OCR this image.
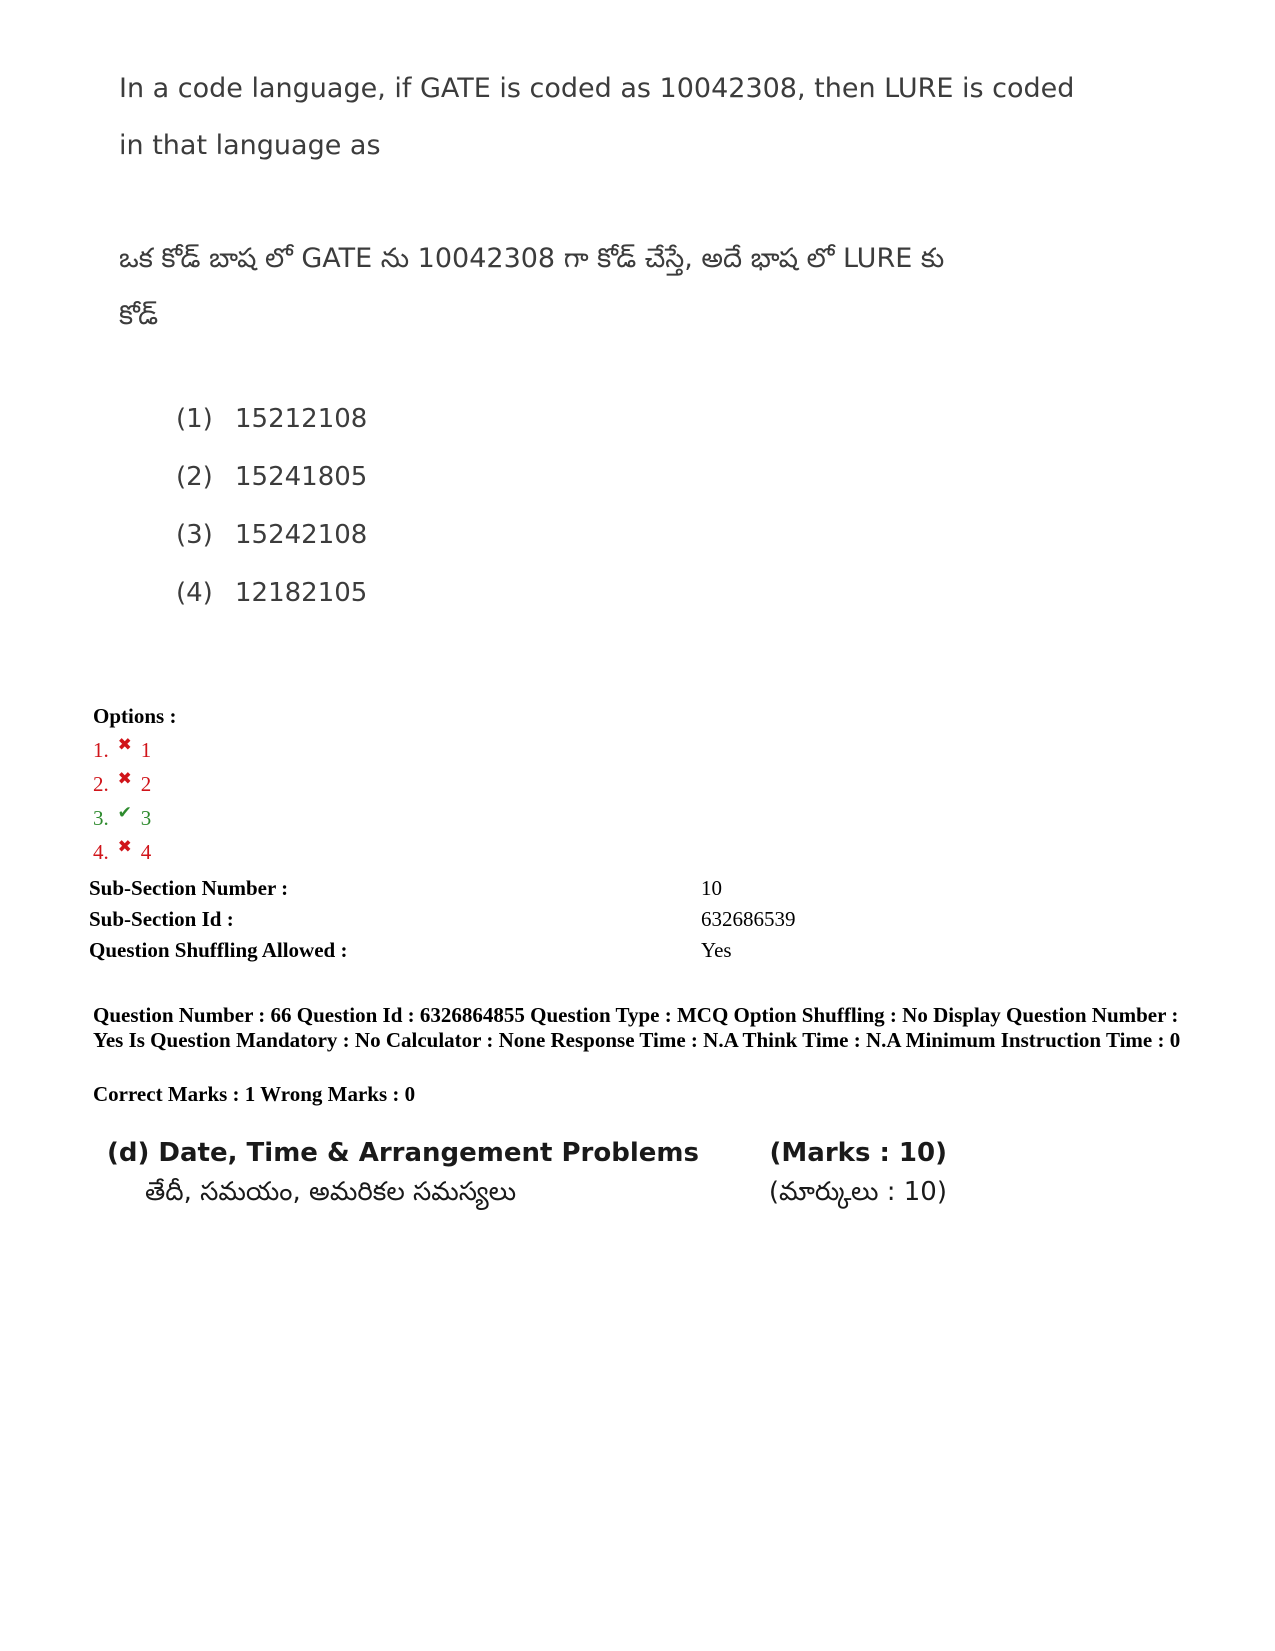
In a code language, if GATE is coded as 10042308, then LURE is coded
in that language as
ఒక కోడ్ బాష లో GATE ను 10042308 గా కోడ్ చేస్తే, అదే భాష లో LURE కు
కోడ్
(1) 15212108
(2) 15241805
(3) 15242108
(4) 12182105
Options :
1. ✖ 1
2. ✖ 2
3. ✔ 3
4. ✖ 4
Sub-Section Number :	10
Sub-Section Id :	632686539
Question Shuffling Allowed :	Yes
Question Number : 66 Question Id : 6326864855 Question Type : MCQ Option Shuffling : No Display Question Number : Yes Is Question Mandatory : No Calculator : None Response Time : N.A Think Time : N.A Minimum Instruction Time : 0
Correct Marks : 1 Wrong Marks : 0
(d) Date, Time & Arrangement Problems	(Marks : 10)
తేదీ, సమయం, అమరికల సమస్యలు	(మార్కులు : 10)
